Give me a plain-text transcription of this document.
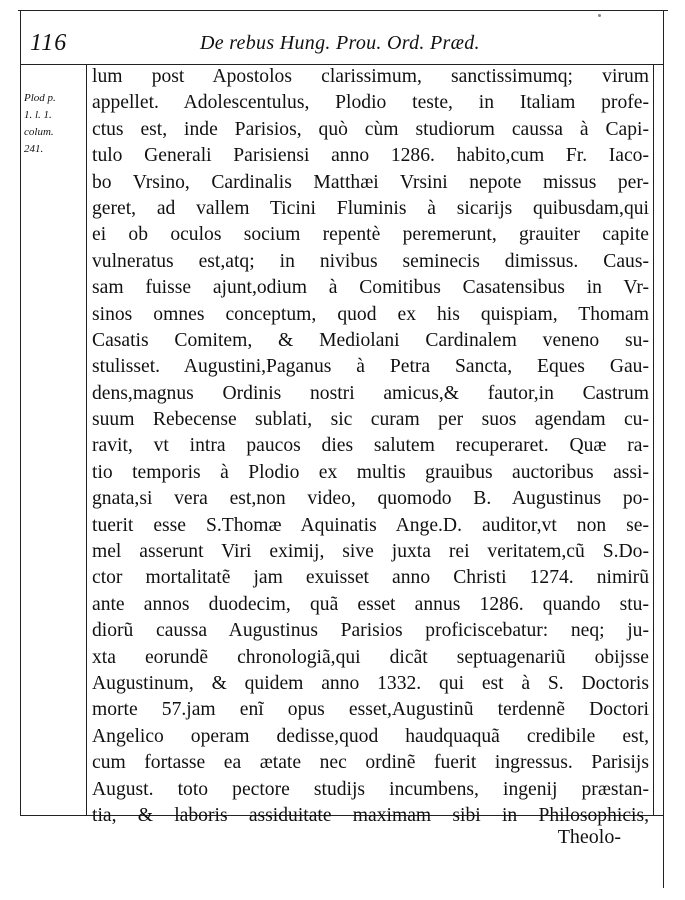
116	De rebus Hung. Prou. Ord. Præd.
Plod p.
1. l. 1.
colum.
241.
lum post Apostolos clarissimum, sanctissimumq; virum
appellet. Adolescentulus, Plodio teste, in Italiam profe-
ctus est, inde Parisios, quò cùm studiorum caussa à Capi-
tulo Generali Parisiensi anno 1286. habito,cum Fr. Iaco-
bo Vrsino, Cardinalis Matthæi Vrsini nepote missus per-
geret, ad vallem Ticini Fluminis à sicarijs quibusdam,qui
ei ob oculos socium repentè peremerunt, grauiter capite
vulneratus est,atq; in nivibus seminecis dimissus. Caus-
sam fuisse ajunt,odium à Comitibus Casatensibus in Vr-
sinos omnes conceptum, quod ex his quispiam, Thomam
Casatis Comitem, & Mediolani Cardinalem veneno su-
stulisset. Augustini,Paganus à Petra Sancta, Eques Gau-
dens,magnus Ordinis nostri amicus,& fautor,in Castrum
suum Rebecense sublati, sic curam per suos agendam cu-
ravit, vt intra paucos dies salutem recuperaret. Quæ ra-
tio temporis à Plodio ex multis grauibus auctoribus assi-
gnata,si vera est,non video, quomodo B. Augustinus po-
tuerit esse S.Thomæ Aquinatis Ange.D. auditor,vt non se-
mel asserunt Viri eximij, sive juxta rei veritatem,cũ S.Do-
ctor mortalitatẽ jam exuisset anno Christi 1274. nimirũ
ante annos duodecim, quã esset annus 1286. quando stu-
diorũ caussa Augustinus Parisios proficiscebatur: neq; ju-
xta eorundẽ chronologiã,qui dicãt septuagenariũ obijsse
Augustinum, & quidem anno 1332. qui est à S. Doctoris
morte 57.jam enĩ opus esset,Augustinũ terdennẽ Doctori
Angelico operam dedisse,quod haudquaquã credibile est,
cum fortasse ea ætate nec ordinẽ fuerit ingressus. Parisijs
August. toto pectore studijs incumbens, ingenij præstan-
tia, & laboris assiduitate maximam sibi in Philosophicis,
Theolo-
